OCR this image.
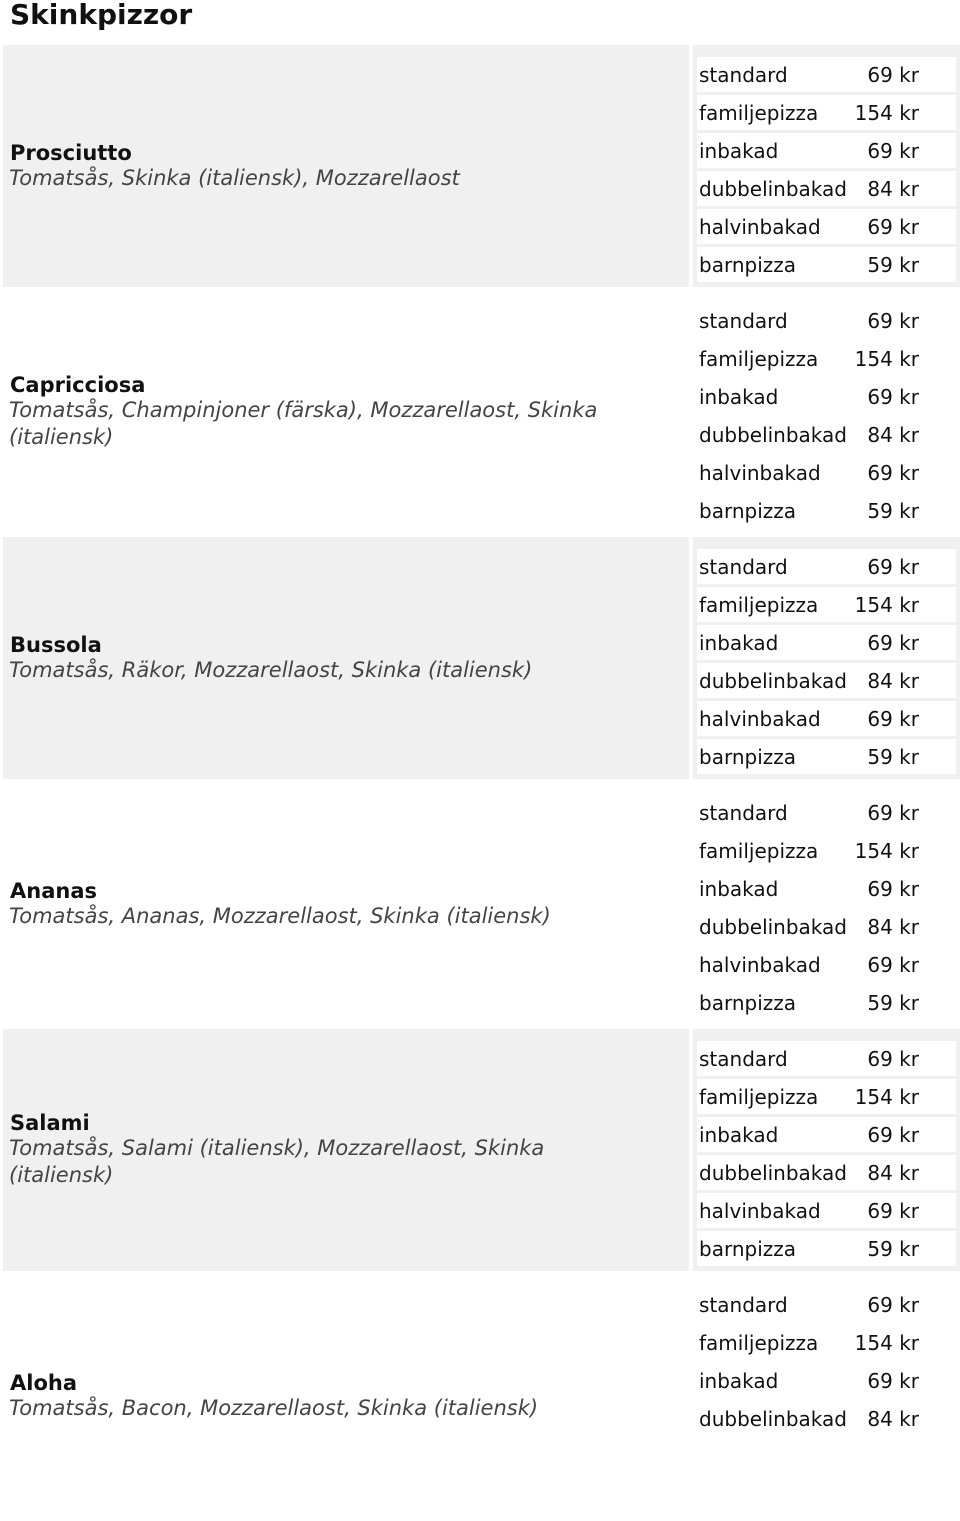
Skinkpizzor
Prosciutto
Tomatsås, Skinka (italiensk), Mozzarellaost
standard	69 kr
familjepizza	154 kr
inbakad	69 kr
dubbelinbakad	84 kr
halvinbakad	69 kr
barnpizza	59 kr
Capricciosa
Tomatsås, Champinjoner (färska), Mozzarellaost, Skinka (italiensk)
standard	69 kr
familjepizza	154 kr
inbakad	69 kr
dubbelinbakad	84 kr
halvinbakad	69 kr
barnpizza	59 kr
Bussola
Tomatsås, Räkor, Mozzarellaost, Skinka (italiensk)
standard	69 kr
familjepizza	154 kr
inbakad	69 kr
dubbelinbakad	84 kr
halvinbakad	69 kr
barnpizza	59 kr
Ananas
Tomatsås, Ananas, Mozzarellaost, Skinka (italiensk)
standard	69 kr
familjepizza	154 kr
inbakad	69 kr
dubbelinbakad	84 kr
halvinbakad	69 kr
barnpizza	59 kr
Salami
Tomatsås, Salami (italiensk), Mozzarellaost, Skinka (italiensk)
standard	69 kr
familjepizza	154 kr
inbakad	69 kr
dubbelinbakad	84 kr
halvinbakad	69 kr
barnpizza	59 kr
Aloha
Tomatsås, Bacon, Mozzarellaost, Skinka (italiensk)
standard	69 kr
familjepizza	154 kr
inbakad	69 kr
dubbelinbakad	84 kr
